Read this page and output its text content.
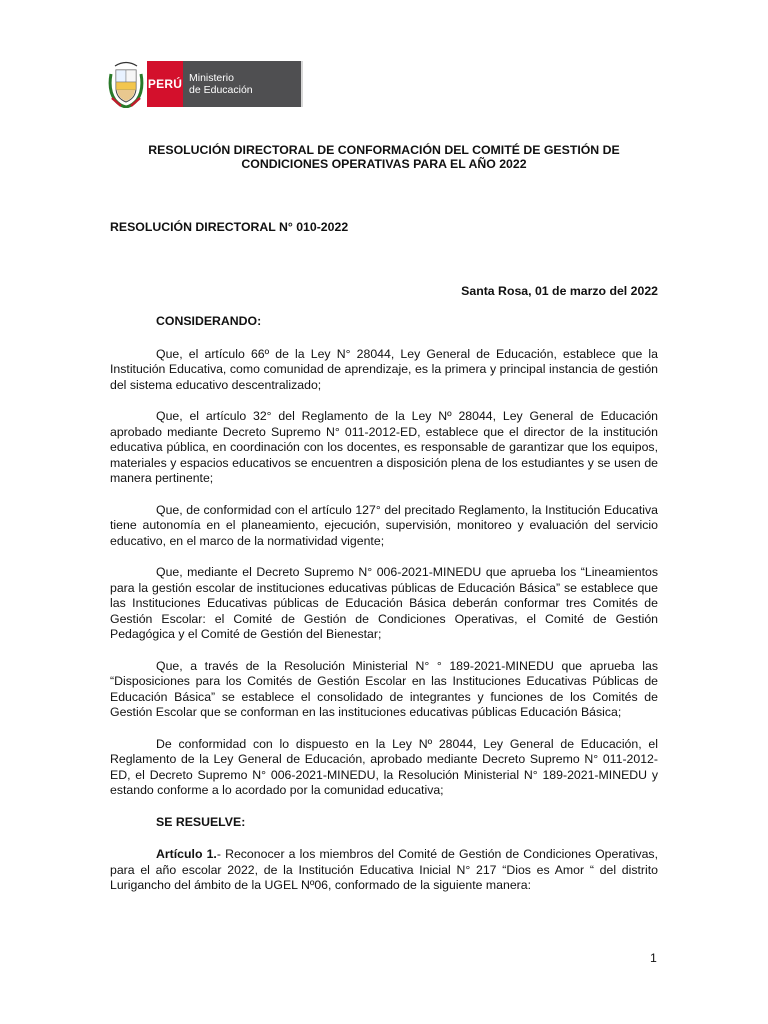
PERÚ Ministerio
de Educación
RESOLUCIÓN DIRECTORAL DE CONFORMACIÓN DEL COMITÉ DE GESTIÓN DE
CONDICIONES OPERATIVAS PARA EL AÑO 2022
RESOLUCIÓN DIRECTORAL N° 010-2022
Santa Rosa, 01 de marzo del 2022

CONSIDERANDO:

Que, el artículo 66º de la Ley N° 28044, Ley General de Educación, establece que la Institución Educativa, como comunidad de aprendizaje, es la primera y principal instancia de gestión del sistema educativo descentralizado;

Que, el artículo 32° del Reglamento de la Ley Nº 28044, Ley General de Educación aprobado mediante Decreto Supremo N° 011-2012-ED, establece que el director de la institución educativa pública, en coordinación con los docentes, es responsable de garantizar que los equipos, materiales y espacios educativos se encuentren a disposición plena de los estudiantes y se usen de manera pertinente;

Que, de conformidad con el artículo 127° del precitado Reglamento, la Institución Educativa tiene autonomía en el planeamiento, ejecución, supervisión, monitoreo y evaluación del servicio educativo, en el marco de la normatividad vigente;

Que, mediante el Decreto Supremo N° 006-2021-MINEDU que aprueba los “Lineamientos para la gestión escolar de instituciones educativas públicas de Educación Básica” se establece que las Instituciones Educativas públicas de Educación Básica deberán conformar tres Comités de Gestión Escolar: el Comité de Gestión de Condiciones Operativas, el Comité de Gestión Pedagógica y el Comité de Gestión del Bienestar;

Que, a través de la Resolución Ministerial N° ° 189-2021-MINEDU que aprueba las “Disposiciones para los Comités de Gestión Escolar en las Instituciones Educativas Públicas de Educación Básica” se establece el consolidado de integrantes y funciones de los Comités de Gestión Escolar que se conforman en las instituciones educativas públicas Educación Básica;

De conformidad con lo dispuesto en la Ley Nº 28044, Ley General de Educación, el Reglamento de la Ley General de Educación, aprobado mediante Decreto Supremo N° 011-2012-ED, el Decreto Supremo N° 006-2021-MINEDU, la Resolución Ministerial N° 189-2021-MINEDU y estando conforme a lo acordado por la comunidad educativa;

SE RESUELVE:

Artículo 1.- Reconocer a los miembros del Comité de Gestión de Condiciones Operativas, para el año escolar 2022, de la Institución Educativa Inicial N° 217 “Dios es Amor “ del distrito Lurigancho del ámbito de la UGEL Nº06, conformado de la siguiente manera:

1
